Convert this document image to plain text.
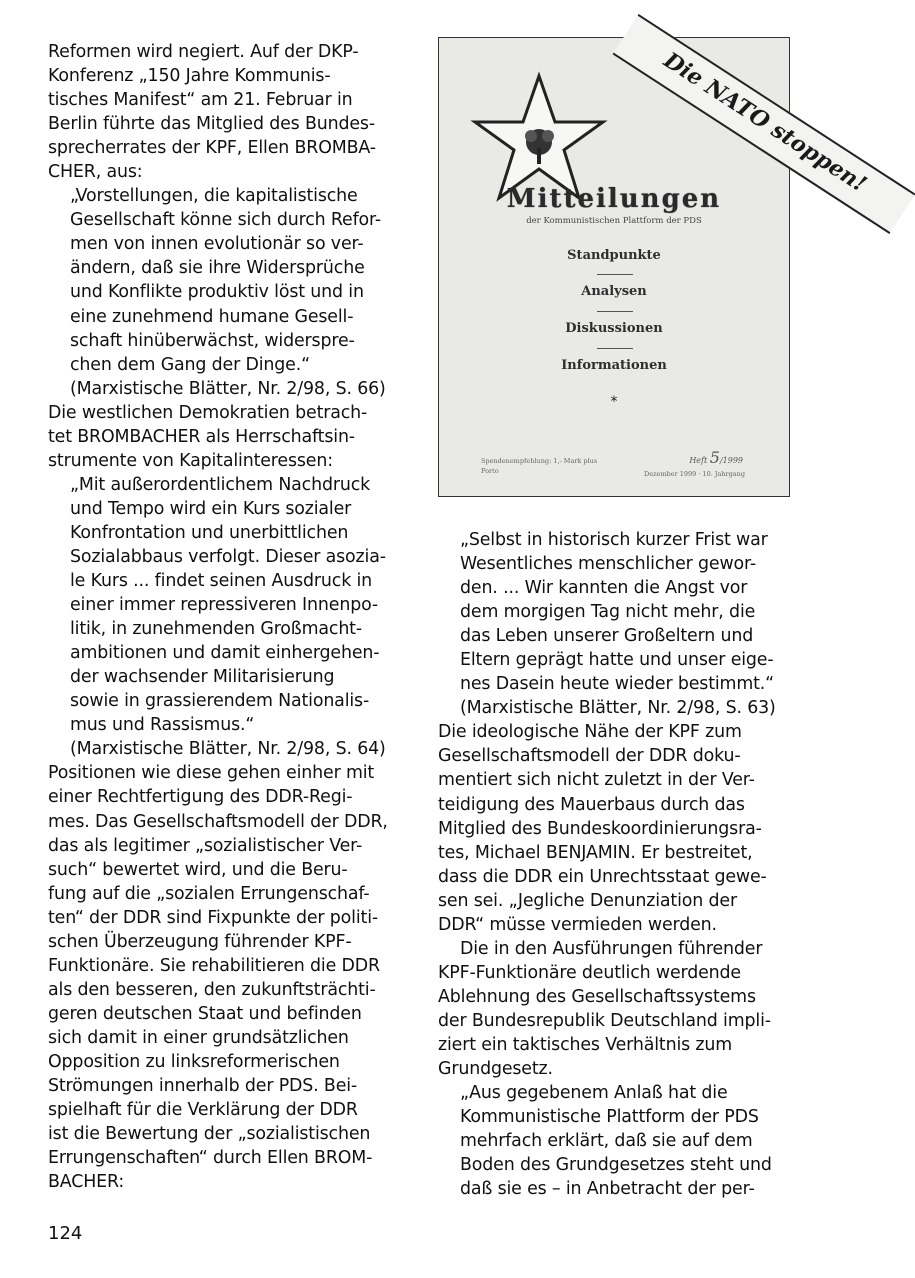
Reformen wird negiert. Auf der DKP-
Konferenz „150 Jahre Kommunis-
tisches Manifest“ am 21. Februar in
Berlin führte das Mitglied des Bundes-
sprecherrates der KPF, Ellen BROMBA-
CHER, aus:
„Vorstellungen, die kapitalistische
Gesellschaft könne sich durch Refor-
men von innen evolutionär so ver-
ändern, daß sie ihre Widersprüche
und Konflikte produktiv löst und in
eine zunehmend humane Gesell-
schaft hinüberwächst, widerspre-
chen dem Gang der Dinge.“
(Marxistische Blätter, Nr. 2/98, S. 66)
Die westlichen Demokratien betrach-
tet BROMBACHER als Herrschaftsin-
strumente von Kapitalinteressen:
„Mit außerordentlichem Nachdruck
und Tempo wird ein Kurs sozialer
Konfrontation und unerbittlichen
Sozialabbaus verfolgt. Dieser asozia-
le Kurs ... findet seinen Ausdruck in
einer immer repressiveren Innenpo-
litik, in zunehmenden Großmacht-
ambitionen und damit einhergehen-
der wachsender Militarisierung
sowie in grassierendem Nationalis-
mus und Rassismus.“
(Marxistische Blätter, Nr. 2/98, S. 64)
Positionen wie diese gehen einher mit
einer Rechtfertigung des DDR-Regi-
mes. Das Gesellschaftsmodell der DDR,
das als legitimer „sozialistischer Ver-
such“ bewertet wird, und die Beru-
fung auf die „sozialen Errungenschaf-
ten“ der DDR sind Fixpunkte der politi-
schen Überzeugung führender KPF-
Funktionäre. Sie rehabilitieren die DDR
als den besseren, den zukunftsträchti-
geren deutschen Staat und befinden
sich damit in einer grundsätzlichen
Opposition zu linksreformerischen
Strömungen innerhalb der PDS. Bei-
spielhaft für die Verklärung der DDR
ist die Bewertung der „sozialistischen
Errungenschaften“ durch Ellen BROM-
BACHER:
Die NATO stoppen!
Mitteilungen
der Kommunistischen Plattform der PDS
Standpunkte
Analysen
Diskussionen
Informationen
*
Spendenempfehlung: 1,- Mark plus Porto
Heft 5/1999
Dezember 1999 · 10. Jahrgang
„Selbst in historisch kurzer Frist war
Wesentliches menschlicher gewor-
den. ... Wir kannten die Angst vor
dem morgigen Tag nicht mehr, die
das Leben unserer Großeltern und
Eltern geprägt hatte und unser eige-
nes Dasein heute wieder bestimmt.“
(Marxistische Blätter, Nr. 2/98, S. 63)
Die ideologische Nähe der KPF zum
Gesellschaftsmodell der DDR doku-
mentiert sich nicht zuletzt in der Ver-
teidigung des Mauerbaus durch das
Mitglied des Bundeskoordinierungsra-
tes, Michael BENJAMIN. Er bestreitet,
dass die DDR ein Unrechtsstaat gewe-
sen sei. „Jegliche Denunziation der
DDR“ müsse vermieden werden.
Die in den Ausführungen führender
KPF-Funktionäre deutlich werdende
Ablehnung des Gesellschaftssystems
der Bundesrepublik Deutschland impli-
ziert ein taktisches Verhältnis zum
Grundgesetz.
„Aus gegebenem Anlaß hat die
Kommunistische Plattform der PDS
mehrfach erklärt, daß sie auf dem
Boden des Grundgesetzes steht und
daß sie es – in Anbetracht der per-
124
